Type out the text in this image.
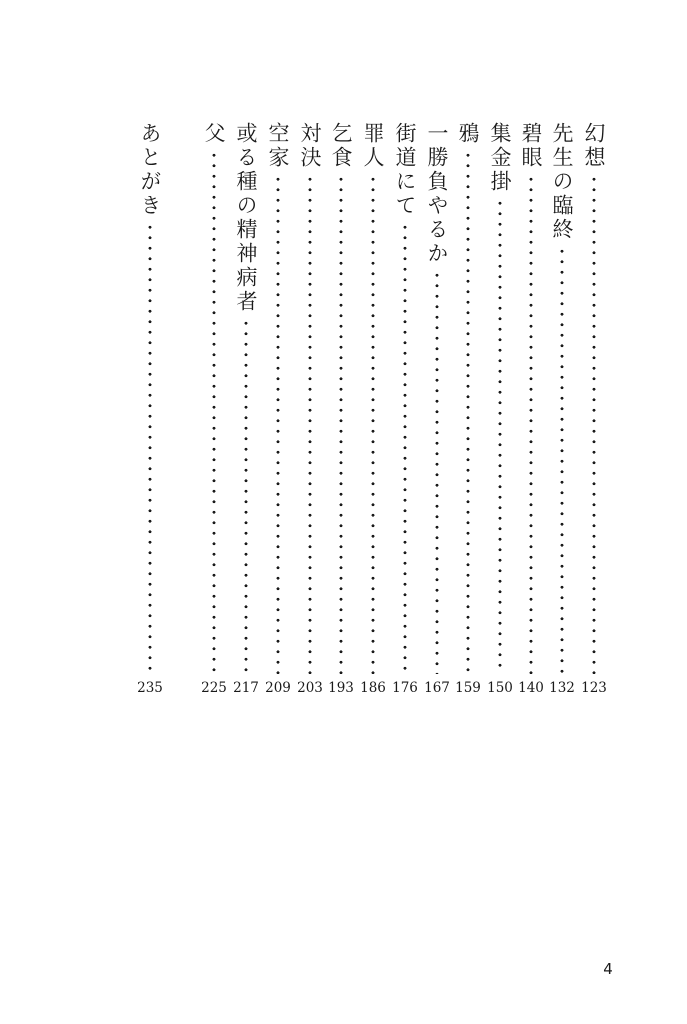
幻想
123
先生の臨終
132
碧眼
140
集金掛
150
鴉
159
一勝負やるか
167
街道にて
176
罪人
186
乞食
193
対決
203
空家
209
或る種の精神病者
217
父
225
あとがき
235
4
